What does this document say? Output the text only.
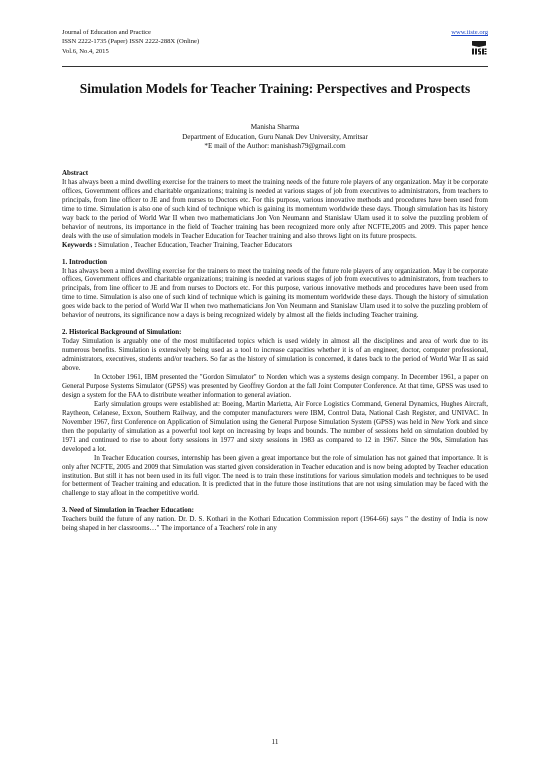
Journal of Education and Practice
ISSN 2222-1735 (Paper) ISSN 2222-288X (Online)
Vol.6, No.4, 2015
www.iiste.org
Simulation Models for Teacher Training: Perspectives and Prospects
Manisha Sharma
Department of Education, Guru Nanak Dev University, Amritsar
*E mail of the Author: manishash79@gmail.com
Abstract

It has always been a mind dwelling exercise for the trainers to meet the training needs of the future role players of any organization. May it be corporate offices, Government offices and charitable organizations; training is needed at various stages of job from executives to administrators, from teachers to principals, from line officer to JE and from nurses to Doctors etc. For this purpose, various innovative methods and procedures have been used from time to time. Simulation is also one of such kind of technique which is gaining its momentum worldwide these days. Though simulation has its history way back to the period of World War II when two mathematicians Jon Von Neumann and Stanislaw Ulam used it to solve the puzzling problem of behavior of neutrons, its importance in the field of Teacher training has been recognized more only after NCFTE,2005 and 2009. This paper hence deals with the use of simulation models in Teacher Education for Teacher training and also throws light on its future prospects.

Keywords : Simulation , Teacher Education, Teacher Training, Teacher Educators

1. Introduction

It has always been a mind dwelling exercise for the trainers to meet the training needs of the future role players of any organization. May it be corporate offices, Government offices and charitable organizations; training is needed at various stages of job from executives to administrators, from teachers to principals, from line officer to JE and from nurses to Doctors etc. For this purpose, various innovative methods and procedures have been used from time to time. Simulation is also one of such kind of technique which is gaining its momentum worldwide these days. Though the history of simulation goes wide back to the period of World War II when two mathematicians Jon Von Neumann and Stanislaw Ulam used it to solve the puzzling problem of behavior of neutrons, its significance now a days is being recognized widely by almost all the fields including Teacher training.

2. Historical Background of Simulation:

Today Simulation is arguably one of the most multifaceted topics which is used widely in almost all the disciplines and area of work due to its numerous benefits. Simulation is extensively being used as a tool to increase capacities whether it is of an engineer, doctor, computer professional, administrators, executives, students and/or teachers. So far as the history of simulation is concerned, it dates back to the period of World War II as said above.

In October 1961, IBM presented the "Gordon Simulator" to Norden which was a systems design company. In December 1961, a paper on General Purpose Systems Simulator (GPSS) was presented by Geoffrey Gordon at the fall Joint Computer Conference. At that time, GPSS was used to design a system for the FAA to distribute weather information to general aviation.

Early simulation groups were established at: Boeing, Martin Marietta, Air Force Logistics Command, General Dynamics, Hughes Aircraft, Raytheon, Celanese, Exxon, Southern Railway, and the computer manufacturers were IBM, Control Data, National Cash Register, and UNIVAC. In November 1967, first Conference on Application of Simulation using the General Purpose Simulation System (GPSS) was held in New York and since then the popularity of simulation as a powerful tool kept on increasing by leaps and bounds. The number of sessions held on simulation doubled by 1971 and continued to rise to about forty sessions in 1977 and sixty sessions in 1983 as compared to 12 in 1967. Since the 90s, Simulation has developed a lot.

In Teacher Education courses, internship has been given a great importance but the role of simulation has not gained that importance. It is only after NCFTE, 2005 and 2009 that Simulation was started given consideration in Teacher education and is now being adopted by Teacher education institution. But still it has not been used in its full vigor. The need is to train these institutions for various simulation models and techniques to be used for betterment of Teacher training and education. It is predicted that in the future those institutions that are not using simulation may be faced with the challenge to stay afloat in the competitive world.

3. Need of Simulation in Teacher Education:

Teachers build the future of any nation. Dr. D. S. Kothari in the Kothari Education Commission report (1964-66) says " the destiny of India is now being shaped in her classrooms…" The importance of a Teachers' role in any

11
